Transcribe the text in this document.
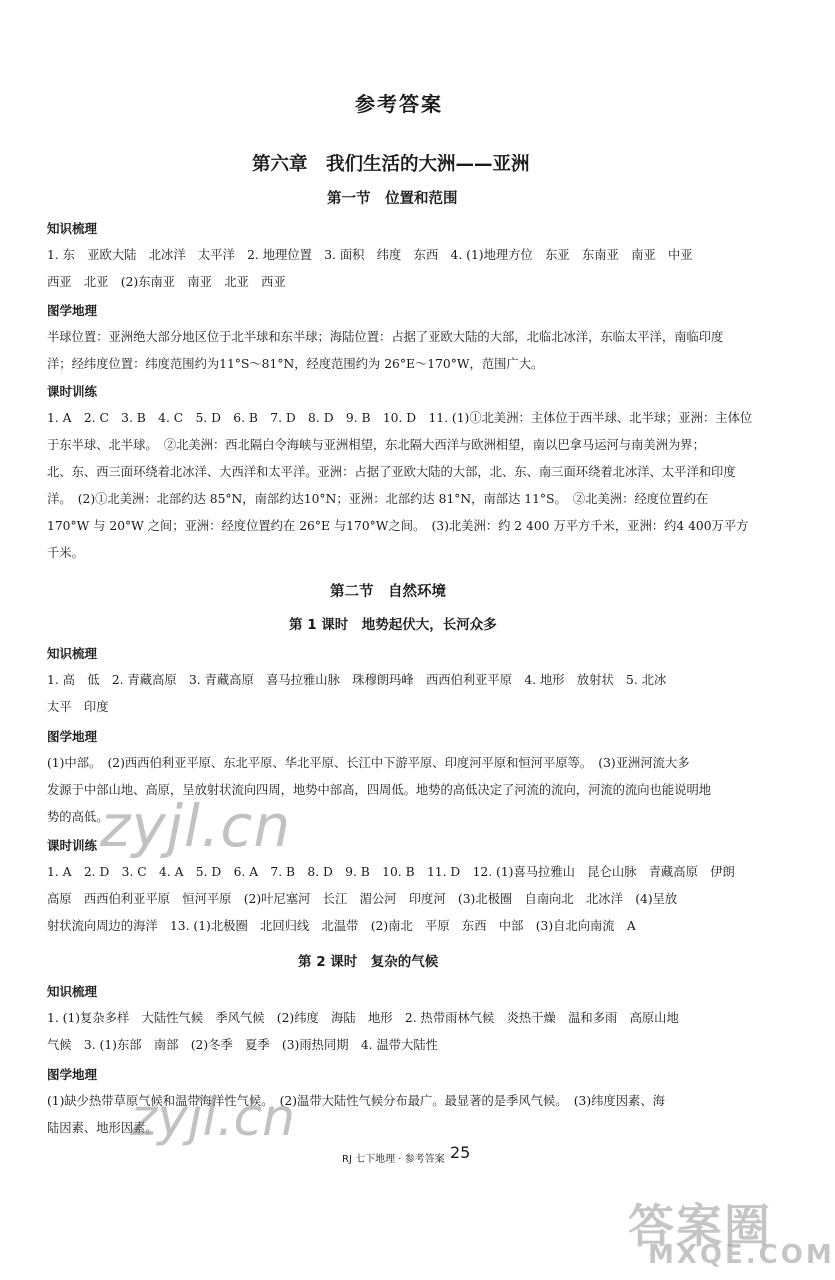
参考答案
第六章　我们生活的大洲——亚洲
第一节　位置和范围
知识梳理
1. 东　亚欧大陆　北冰洋　太平洋　2. 地理位置　3. 面积　纬度　东西　4. (1)地理方位　东亚　东南亚　南亚　中亚
西亚　北亚　(2)东南亚　南亚　北亚　西亚
图学地理
半球位置：亚洲绝大部分地区位于北半球和东半球；海陆位置：占据了亚欧大陆的大部，北临北冰洋，东临太平洋，南临印度
洋；经纬度位置：纬度范围约为11°S～81°N，经度范围约为 26°E～170°W，范围广大。
课时训练
1. A　2. C　3. B　4. C　5. D　6. B　7. D　8. D　9. B　10. D　11. (1)①北美洲：主体位于西半球、北半球；亚洲：主体位
于东半球、北半球。　②北美洲：西北隔白令海峡与亚洲相望，东北隔大西洋与欧洲相望，南以巴拿马运河与南美洲为界；
北、东、西三面环绕着北冰洋、大西洋和太平洋。亚洲：占据了亚欧大陆的大部，北、东、南三面环绕着北冰洋、太平洋和印度
洋。　(2)①北美洲：北部约达 85°N，南部约达10°N；亚洲：北部约达 81°N，南部达 11°S。　②北美洲：经度位置约在
170°W 与 20°W 之间；亚洲：经度位置约在 26°E 与170°W之间。　(3)北美洲：约 2 400 万平方千米，亚洲：约4 400万平方
千米。
第二节　自然环境
第 1 课时　地势起伏大，长河众多
知识梳理
1. 高　低　2. 青藏高原　3. 青藏高原　喜马拉雅山脉　珠穆朗玛峰　西西伯利亚平原　4. 地形　放射状　5. 北冰
太平　印度
图学地理
(1)中部。　(2)西西伯利亚平原、东北平原、华北平原、长江中下游平原、印度河平原和恒河平原等。　(3)亚洲河流大多
发源于中部山地、高原，呈放射状流向四周，地势中部高，四周低。地势的高低决定了河流的流向，河流的流向也能说明地
势的高低。
课时训练
1. A　2. D　3. C　4. A　5. D　6. A　7. B　8. D　9. B　10. B　11. D　12. (1)喜马拉雅山　昆仑山脉　青藏高原　伊朗
高原　西西伯利亚平原　恒河平原　(2)叶尼塞河　长江　湄公河　印度河　(3)北极圈　自南向北　北冰洋　(4)呈放
射状流向周边的海洋　13. (1)北极圈　北回归线　北温带　(2)南北　平原　东西　中部　(3)自北向南流　A
第 2 课时　复杂的气候
知识梳理
1. (1)复杂多样　大陆性气候　季风气候　(2)纬度　海陆　地形　2. 热带雨林气候　炎热干燥　温和多雨　高原山地
气候　3. (1)东部　南部　(2)冬季　夏季　(3)雨热同期　4. 温带大陆性
图学地理
(1)缺少热带草原气候和温带海洋性气候。　(2)温带大陆性气候分布最广。最显著的是季风气候。　(3)纬度因素、海
陆因素、地形因素。
RJ 七下地理 · 参考答案 25
zyjl.cn
zyjl.cn
答案圈
MXQE.COM
